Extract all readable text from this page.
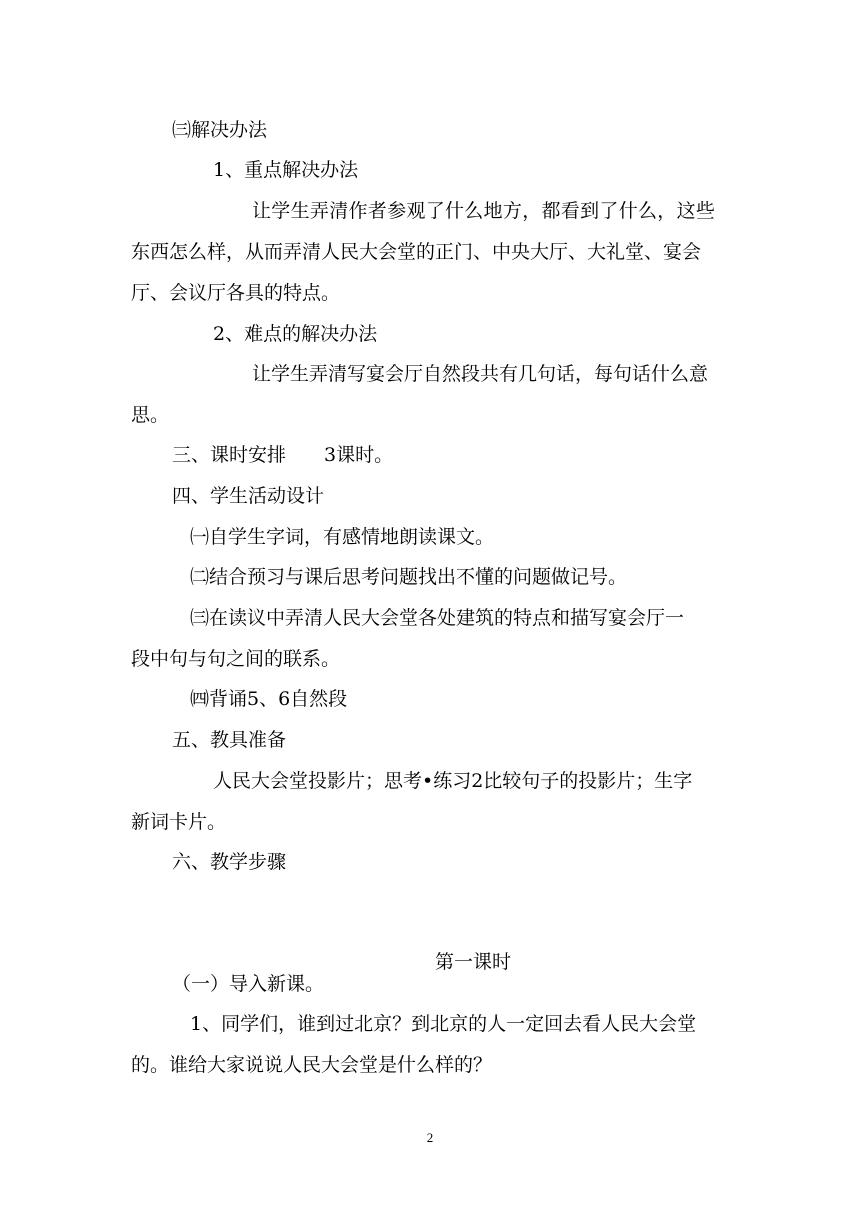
㈢解决办法

1、重点解决办法

让学生弄清作者参观了什么地方，都看到了什么，这些

东西怎么样，从而弄清人民大会堂的正门、中央大厅、大礼堂、宴会

厅、会议厅各具的特点。

2、难点的解决办法

让学生弄清写宴会厅自然段共有几句话，每句话什么意

思。

三、课时安排　　3课时。

四、学生活动设计

㈠自学生字词，有感情地朗读课文。

㈡结合预习与课后思考问题找出不懂的问题做记号。

㈢在读议中弄清人民大会堂各处建筑的特点和描写宴会厅一

段中句与句之间的联系。

㈣背诵5、6自然段

五、教具准备

人民大会堂投影片；思考•练习2比较句子的投影片；生字

新词卡片。

六、教学步骤

第一课时

（一）导入新课。

1、同学们，谁到过北京？到北京的人一定回去看人民大会堂

的。谁给大家说说人民大会堂是什么样的？

2
